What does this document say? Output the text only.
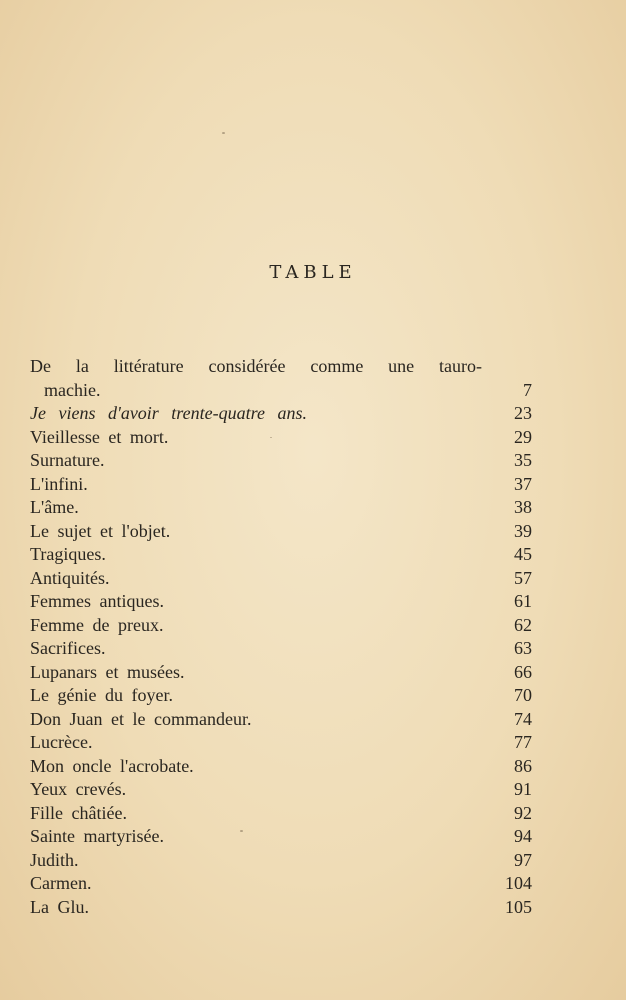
TABLE
De la littérature considérée comme une tauro-
machie.	7
Je viens d'avoir trente-quatre ans.	23
Vieillesse et mort.	29
Surnature.	35
L'infini.	37
L'âme.	38
Le sujet et l'objet.	39
Tragiques.	45
Antiquités.	57
Femmes antiques.	61
Femme de preux.	62
Sacrifices.	63
Lupanars et musées.	66
Le génie du foyer.	70
Don Juan et le commandeur.	74
Lucrèce.	77
Mon oncle l'acrobate.	86
Yeux crevés.	91
Fille châtiée.	92
Sainte martyrisée.	94
Judith.	97
Carmen.	104
La Glu.	105
